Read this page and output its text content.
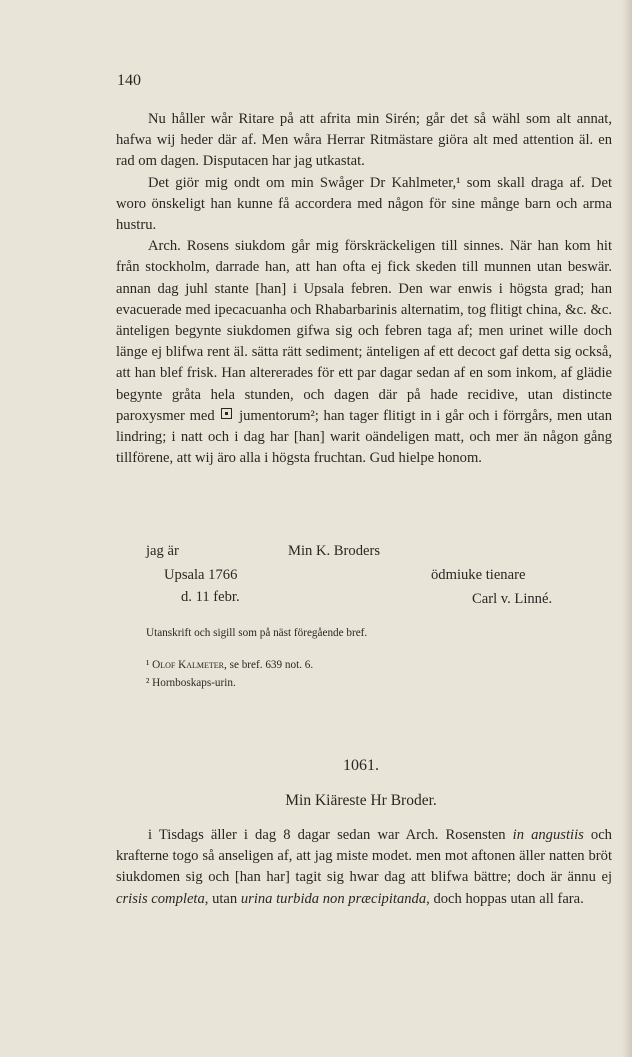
140

Nu håller wår Ritare på att afrita min Sirén; går det så wähl som alt annat, hafwa wij heder där af. Men wåra Herrar Ritmästare giöra alt med attention äl. en rad om dagen. Disputacen har jag utkastat.

Det giör mig ondt om min Swåger Dr Kahlmeter,¹ som skall draga af. Det woro önskeligt han kunne få accordera med någon för sine månge barn och arma hustru.

Arch. Rosens siukdom går mig förskräckeligen till sinnes. När han kom hit från stockholm, darrade han, att han ofta ej fick skeden till munnen utan beswär. annan dag juhl stante [han] i Upsala febren. Den war enwis i högsta grad; han evacuerade med ipecacuanha och Rhabarbarinis alternatim, tog flitigt china, &c. &c. änteligen begynte siukdomen gifwa sig och febren taga af; men urinet wille doch länge ej blifwa rent äl. sätta rätt sediment; änteligen af ett decoct gaf detta sig också, att han blef frisk. Han altererades för ett par dagar sedan af en som inkom, af glädie begynte gråta hela stunden, och dagen där på hade recidive, utan distincte paroxysmer med jumentorum²; han tager flitigt in i går och i förrgårs, men utan lindring; i natt och i dag har [han] warit oändeligen matt, och mer än någon gång tillförene, att wij äro alla i högsta fruchtan. Gud hielpe honom.

jag är	Min K. Broders
Upsala 1766	ödmiuke tienare
d. 11 febr.	Carl v. Linné.
Utanskrift och sigill som på näst föregående bref.
¹ Olof Kalmeter, se bref. 639 not. 6.
² Hornboskaps-urin.
1061.
Min Kiäreste Hr Broder.

i Tisdags äller i dag 8 dagar sedan war Arch. Rosensten in angustiis och krafterne togo så anseligen af, att jag miste modet. men mot aftonen äller natten bröt siukdomen sig och [han har] tagit sig hwar dag att blifwa bättre; doch är ännu ej crisis completa, utan urina turbida non præcipitanda, doch hoppas utan all fara.
